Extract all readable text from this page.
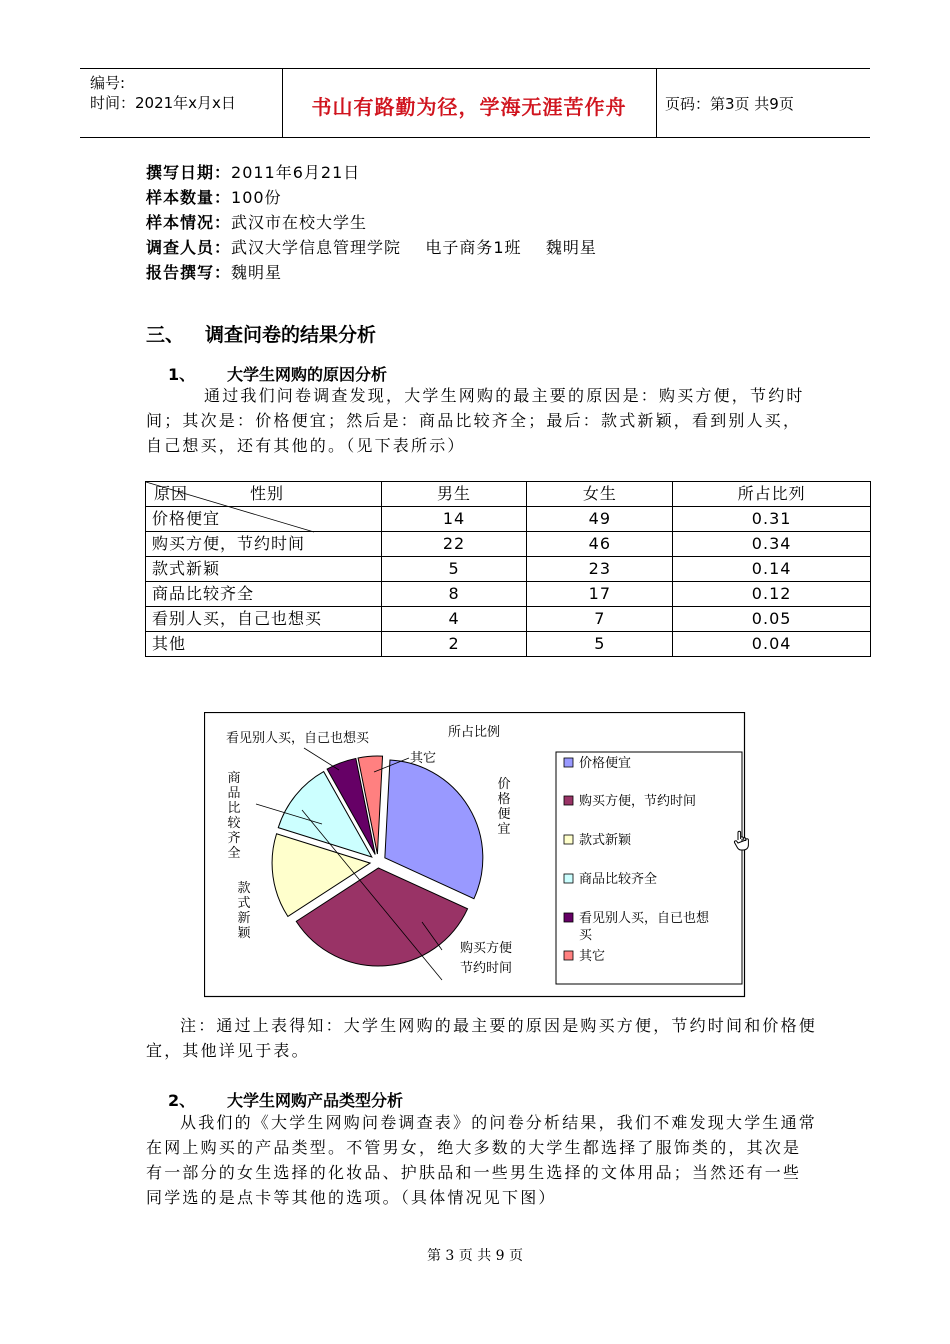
编号:
时间：2021年x月x日	书山有路勤为径，学海无涯苦作舟	页码：第3页 共9页
撰写日期：2011年6月21日
样本数量：100份
样本情况：武汉市在校大学生
调查人员：武汉大学信息管理学院    电子商务1班    魏明星
报告撰写：魏明星
三、 调查问卷的结果分析
1、 大学生网购的原因分析
通过我们问卷调查发现，大学生网购的最主要的原因是：购买方便，节约时间；其次是：价格便宜；然后是：商品比较齐全；最后：款式新颖，看到别人买，自己想买，还有其他的。（见下表所示）
原因 性别	男生	女生	所占比列
价格便宜	14	49	0.31
购买方便，节约时间	22	46	0.34
款式新颖	5	23	0.14
商品比较齐全	8	17	0.12
看别人买，自己也想买	4	7	0.05
其他	2	5	0.04
所占比例
价
格
便
宜
购买方便
节约时间
款
式
新
颖
商
品
比
较
齐
全
看见别人买，自己也想买
其它	价格便宜
购买方便，节约时间
款式新颖
商品比较齐全
看见别人买，自已也想买
其它
注：通过上表得知：大学生网购的最主要的原因是购买方便，节约时间和价格便宜，其他详见于表。
2、 大学生网购产品类型分析
从我们的《大学生网购问卷调查表》的问卷分析结果，我们不难发现大学生通常在网上购买的产品类型。不管男女，绝大多数的大学生都选择了服饰类的，其次是有一部分的女生选择的化妆品、护肤品和一些男生选择的文体用品；当然还有一些同学选的是点卡等其他的选项。（具体情况见下图）
第 3 页 共 9 页
